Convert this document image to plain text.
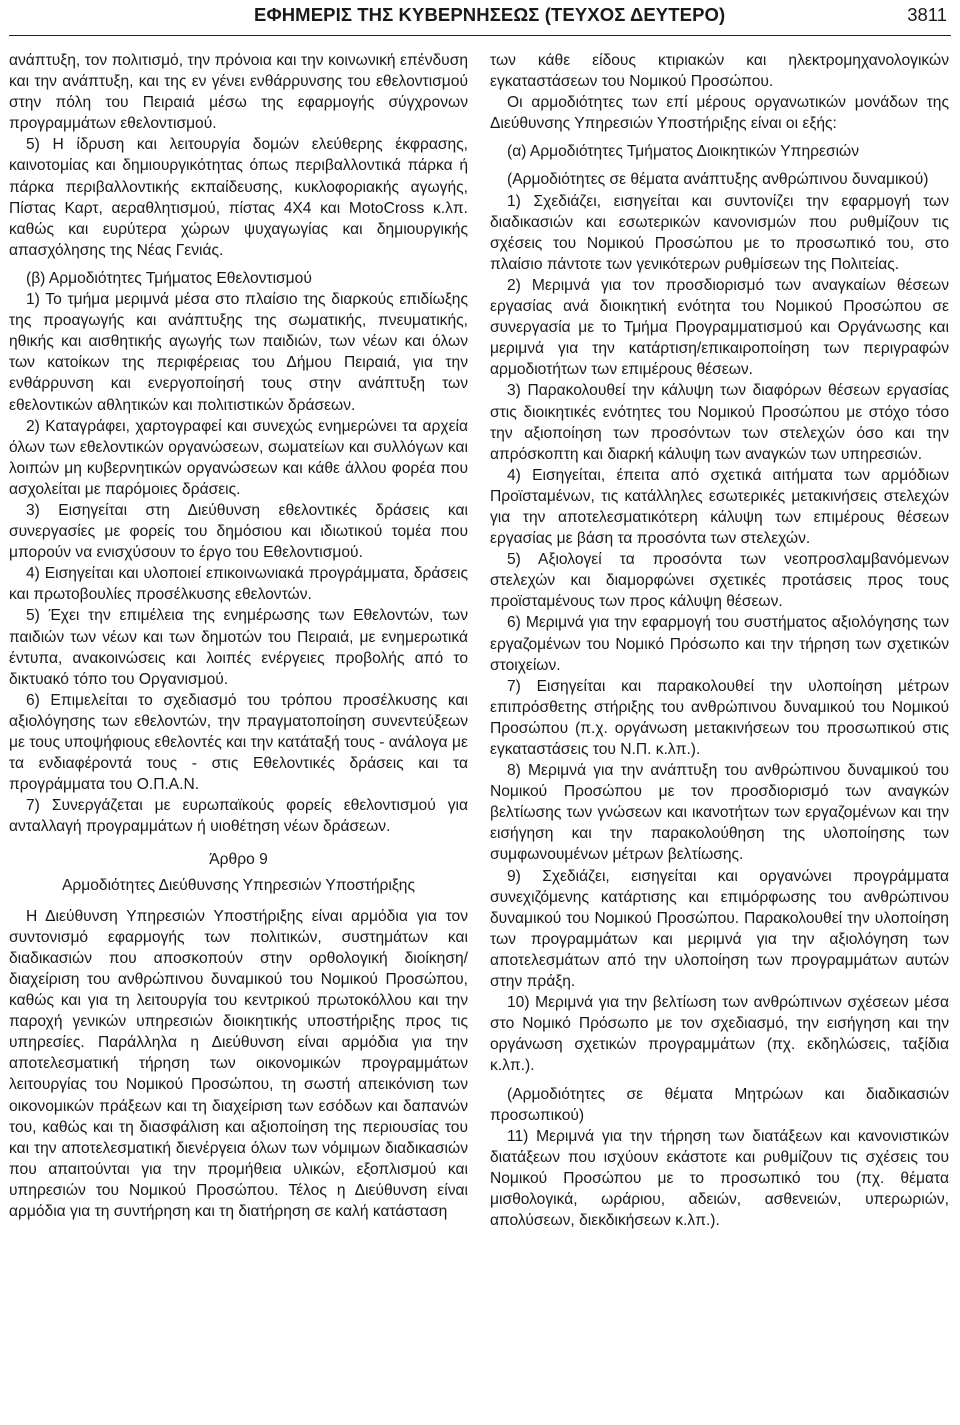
ΕΦΗΜΕΡΙΣ ΤΗΣ ΚΥΒΕΡΝΗΣΕΩΣ (ΤΕΥΧΟΣ ΔΕΥΤΕΡΟ)	3811

ανάπτυξη, τον πολιτισμό, την πρόνοια και την κοινωνική επένδυση και την ανάπτυξη, και της εν γένει ενθάρρυνσης του εθελοντισμού στην πόλη του Πειραιά μέσω της εφαρμογής σύγχρονων προγραμμάτων εθελοντισμού.

5) Η ίδρυση και λειτουργία δομών ελεύθερης έκφρασης, καινοτομίας και δημιουργικότητας όπως περιβαλλοντικά πάρκα ή πάρκα περιβαλλοντικής εκπαίδευσης, κυκλοφοριακής αγωγής, Πίστας Καρτ, αεραθλητισμού, πίστας 4Χ4 και MotoCross κ.λπ. καθώς και ευρύτερα χώρων ψυχαγωγίας και δημιουργικής απασχόλησης της Νέας Γενιάς.

(β) Αρμοδιότητες Τμήματος Εθελοντισμού

1) Το τμήμα μεριμνά μέσα στο πλαίσιο της διαρκούς επιδίωξης της προαγωγής και ανάπτυξης της σωματικής, πνευματικής, ηθικής και αισθητικής αγωγής των παιδιών, των νέων και όλων των κατοίκων της περιφέρειας του Δήμου Πειραιά, για την ενθάρρυνση και ενεργοποίησή τους στην ανάπτυξη των εθελοντικών αθλητικών και πολιτιστικών δράσεων.

2) Καταγράφει, χαρτογραφεί και συνεχώς ενημερώνει τα αρχεία όλων των εθελοντικών οργανώσεων, σωματείων και συλλόγων και λοιπών μη κυβερνητικών οργανώσεων και κάθε άλλου φορέα που ασχολείται με παρόμοιες δράσεις.

3) Εισηγείται στη Διεύθυνση εθελοντικές δράσεις και συνεργασίες με φορείς του δημόσιου και ιδιωτικού τομέα που μπορούν να ενισχύσουν το έργο του Εθελοντισμού.

4) Εισηγείται και υλοποιεί επικοινωνιακά προγράμματα, δράσεις και πρωτοβουλίες προσέλκυσης εθελοντών.

5) Έχει την επιμέλεια της ενημέρωσης των Εθελοντών, των παιδιών των νέων και των δημοτών του Πειραιά, με ενημερωτικά έντυπα, ανακοινώσεις και λοιπές ενέργειες προβολής από το δικτυακό τόπο του Οργανισμού.

6) Επιμελείται το σχεδιασμό του τρόπου προσέλκυσης και αξιολόγησης των εθελοντών, την πραγματοποίηση συνεντεύξεων με τους υποψήφιους εθελοντές και την κατάταξή τους - ανάλογα με τα ενδιαφέροντά τους - στις Εθελοντικές δράσεις και τα προγράμματα του Ο.Π.Α.Ν.

7) Συνεργάζεται με ευρωπαϊκούς φορείς εθελοντισμού για ανταλλαγή προγραμμάτων ή υιοθέτηση νέων δράσεων.

Άρθρο 9

Αρμοδιότητες Διεύθυνσης Υπηρεσιών Υποστήριξης

Η Διεύθυνση Υπηρεσιών Υποστήριξης είναι αρμόδια για τον συντονισμό εφαρμογής των πολιτικών, συστημάτων και διαδικασιών που αποσκοπούν στην ορθολογική διοίκηση/διαχείριση του ανθρώπινου δυναμικού του Νομικού Προσώπου, καθώς και για τη λειτουργία του κεντρικού πρωτοκόλλου και την παροχή γενικών υπηρεσιών διοικητικής υποστήριξης προς τις υπηρεσίες. Παράλληλα η Διεύθυνση είναι αρμόδια για την αποτελεσματική τήρηση των οικονομικών προγραμμάτων λειτουργίας του Νομικού Προσώπου, τη σωστή απεικόνιση των οικονομικών πράξεων και τη διαχείριση των εσόδων και δαπανών του, καθώς και τη διασφάλιση και αξιοποίηση της περιουσίας του και την αποτελεσματική διενέργεια όλων των νόμιμων διαδικασιών που απαιτούνται για την προμήθεια υλικών, εξοπλισμού και υπηρεσιών του Νομικού Προσώπου. Τέλος η Διεύθυνση είναι αρμόδια για τη συντήρηση και τη διατήρηση σε καλή κατάσταση

των κάθε είδους κτιριακών και ηλεκτρομηχανολογικών εγκαταστάσεων του Νομικού Προσώπου.

Οι αρμοδιότητες των επί μέρους οργανωτικών μονάδων της Διεύθυνσης Υπηρεσιών Υποστήριξης είναι οι εξής:

(α) Αρμοδιότητες Τμήματος Διοικητικών Υπηρεσιών

(Αρμοδιότητες σε θέματα ανάπτυξης ανθρώπινου δυναμικού)

1) Σχεδιάζει, εισηγείται και συντονίζει την εφαρμογή των διαδικασιών και εσωτερικών κανονισμών που ρυθμίζουν τις σχέσεις του Νομικού Προσώπου με το προσωπικό του, στο πλαίσιο πάντοτε των γενικότερων ρυθμίσεων της Πολιτείας.

2) Μεριμνά για τον προσδιορισμό των αναγκαίων θέσεων εργασίας ανά διοικητική ενότητα του Νομικού Προσώπου σε συνεργασία με το Τμήμα Προγραμματισμού και Οργάνωσης και μεριμνά για την κατάρτιση/επικαιροποίηση των περιγραφών αρμοδιοτήτων των επιμέρους θέσεων.

3) Παρακολουθεί την κάλυψη των διαφόρων θέσεων εργασίας στις διοικητικές ενότητες του Νομικού Προσώπου με στόχο τόσο την αξιοποίηση των προσόντων των στελεχών όσο και την απρόσκοπτη και διαρκή κάλυψη των αναγκών των υπηρεσιών.

4) Εισηγείται, έπειτα από σχετικά αιτήματα των αρμόδιων Προϊσταμένων, τις κατάλληλες εσωτερικές μετακινήσεις στελεχών για την αποτελεσματικότερη κάλυψη των επιμέρους θέσεων εργασίας με βάση τα προσόντα των στελεχών.

5) Αξιολογεί τα προσόντα των νεοπροσλαμβανόμενων στελεχών και διαμορφώνει σχετικές προτάσεις προς τους προϊσταμένους των προς κάλυψη θέσεων.

6) Μεριμνά για την εφαρμογή του συστήματος αξιολόγησης των εργαζομένων του Νομικό Πρόσωπο και την τήρηση των σχετικών στοιχείων.

7) Εισηγείται και παρακολουθεί την υλοποίηση μέτρων επιπρόσθετης στήριξης του ανθρώπινου δυναμικού του Νομικού Προσώπου (π.χ. οργάνωση μετακινήσεων του προσωπικού στις εγκαταστάσεις του Ν.Π. κ.λπ.).

8) Μεριμνά για την ανάπτυξη του ανθρώπινου δυναμικού του Νομικού Προσώπου με τον προσδιορισμό των αναγκών βελτίωσης των γνώσεων και ικανοτήτων των εργαζομένων και την εισήγηση και την παρακολούθηση της υλοποίησης των συμφωνουμένων μέτρων βελτίωσης.

9) Σχεδιάζει, εισηγείται και οργανώνει προγράμματα συνεχιζόμενης κατάρτισης και επιμόρφωσης του ανθρώπινου δυναμικού του Νομικού Προσώπου. Παρακολουθεί την υλοποίηση των προγραμμάτων και μεριμνά για την αξιολόγηση των αποτελεσμάτων από την υλοποίηση των προγραμμάτων αυτών στην πράξη.

10) Μεριμνά για την βελτίωση των ανθρώπινων σχέσεων μέσα στο Νομικό Πρόσωπο με τον σχεδιασμό, την εισήγηση και την οργάνωση σχετικών προγραμμάτων (πχ. εκδηλώσεις, ταξίδια κ.λπ.).

(Αρμοδιότητες σε θέματα Μητρώων και διαδικασιών προσωπικού)

11) Μεριμνά για την τήρηση των διατάξεων και κανονιστικών διατάξεων που ισχύουν εκάστοτε και ρυθμίζουν τις σχέσεις του Νομικού Προσώπου με το προσωπικό του (πχ. θέματα μισθολογικά, ωράριου, αδειών, ασθενειών, υπερωριών, απολύσεων, διεκδικήσεων κ.λπ.).
